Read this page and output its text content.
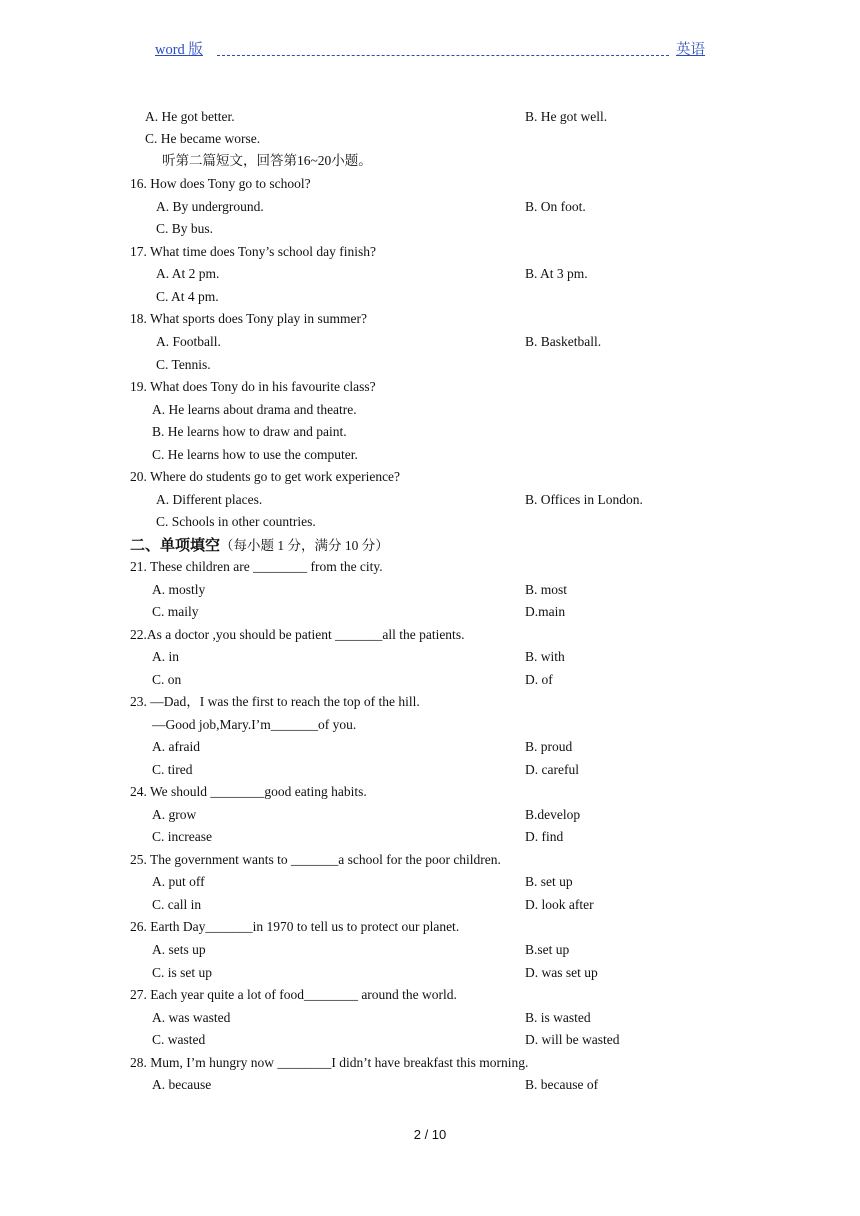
word 版	英语
A. He got better.	B. He got well.
C. He became worse.
听第二篇短文，回答第16~20小题。
16. How does Tony go to school?
A. By underground.	B. On foot.
C. By bus.
17. What time does Tony’s school day finish?
A. At 2 pm.	B. At 3 pm.
C. At 4 pm.
18. What sports does Tony play in summer?
A. Football.	B. Basketball.
C. Tennis.
19. What does Tony do in his favourite class?
A. He learns about drama and theatre.
B. He learns how to draw and paint.
C. He learns how to use the computer.
20. Where do students go to get work experience?
A. Different places.	B. Offices in London.
C. Schools in other countries.
二、单项填空（每小题 1 分，满分 10 分）
21. These children are ________ from the city.
A. mostly	B. most
C. maily	D.main
22.As a doctor ,you should be patient _______all the patients.
A. in	B. with
C. on	D. of
23. —Dad，I was the first to reach the top of the hill.
—Good job,Mary.I’m_______of you.
A. afraid	B. proud
C. tired	D. careful
24. We should ________good eating habits.
A. grow	B.develop
C. increase	D. find
25. The government wants to _______a school for the poor children.
A. put off	B. set up
C. call in	D. look after
26. Earth Day_______in 1970 to tell us to protect our planet.
A. sets up	B.set up
C. is set up	D. was set up
27. Each year quite a lot of food________ around the world.
A. was wasted	B. is wasted
C. wasted	D. will be wasted
28. Mum, I’m hungry now ________I didn’t have breakfast this morning.
A. because	B. because of
2 / 10
